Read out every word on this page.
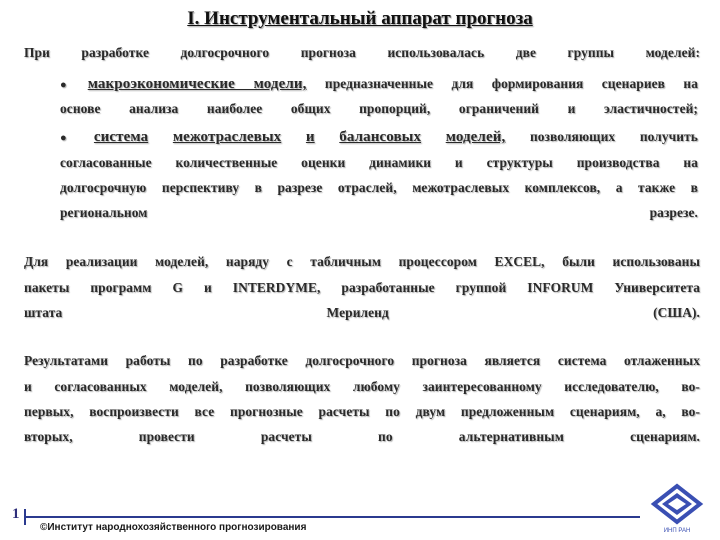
I. Инструментальный аппарат прогноза
При разработке долгосрочного прогноза использовалась две группы моделей:
● макроэкономические модели, предназначенные для формирования сценариев на
основе анализа наиболее общих пропорций, ограничений и эластичностей;
● система межотраслевых и балансовых моделей, позволяющих получить
согласованные количественные оценки динамики и структуры производства на
долгосрочную перспективу в разрезе отраслей, межотраслевых комплексов, а также в
региональном разрезе.
Для реализации моделей, наряду с табличным процессором EXCEL, были использованы
пакеты программ G и INTERDYME, разработанные группой INFORUM Университета
штата Мериленд (США).
Результатами работы по разработке долгосрочного прогноза является система отлаженных
и согласованных моделей, позволяющих любому заинтересованному исследователю, во-
первых, воспроизвести все прогнозные расчеты по двум предложенным сценариям, а, во-
вторых, провести расчеты по альтернативным сценариям.
1
©Институт народнохозяйственного прогнозирования	ИНП РАН
